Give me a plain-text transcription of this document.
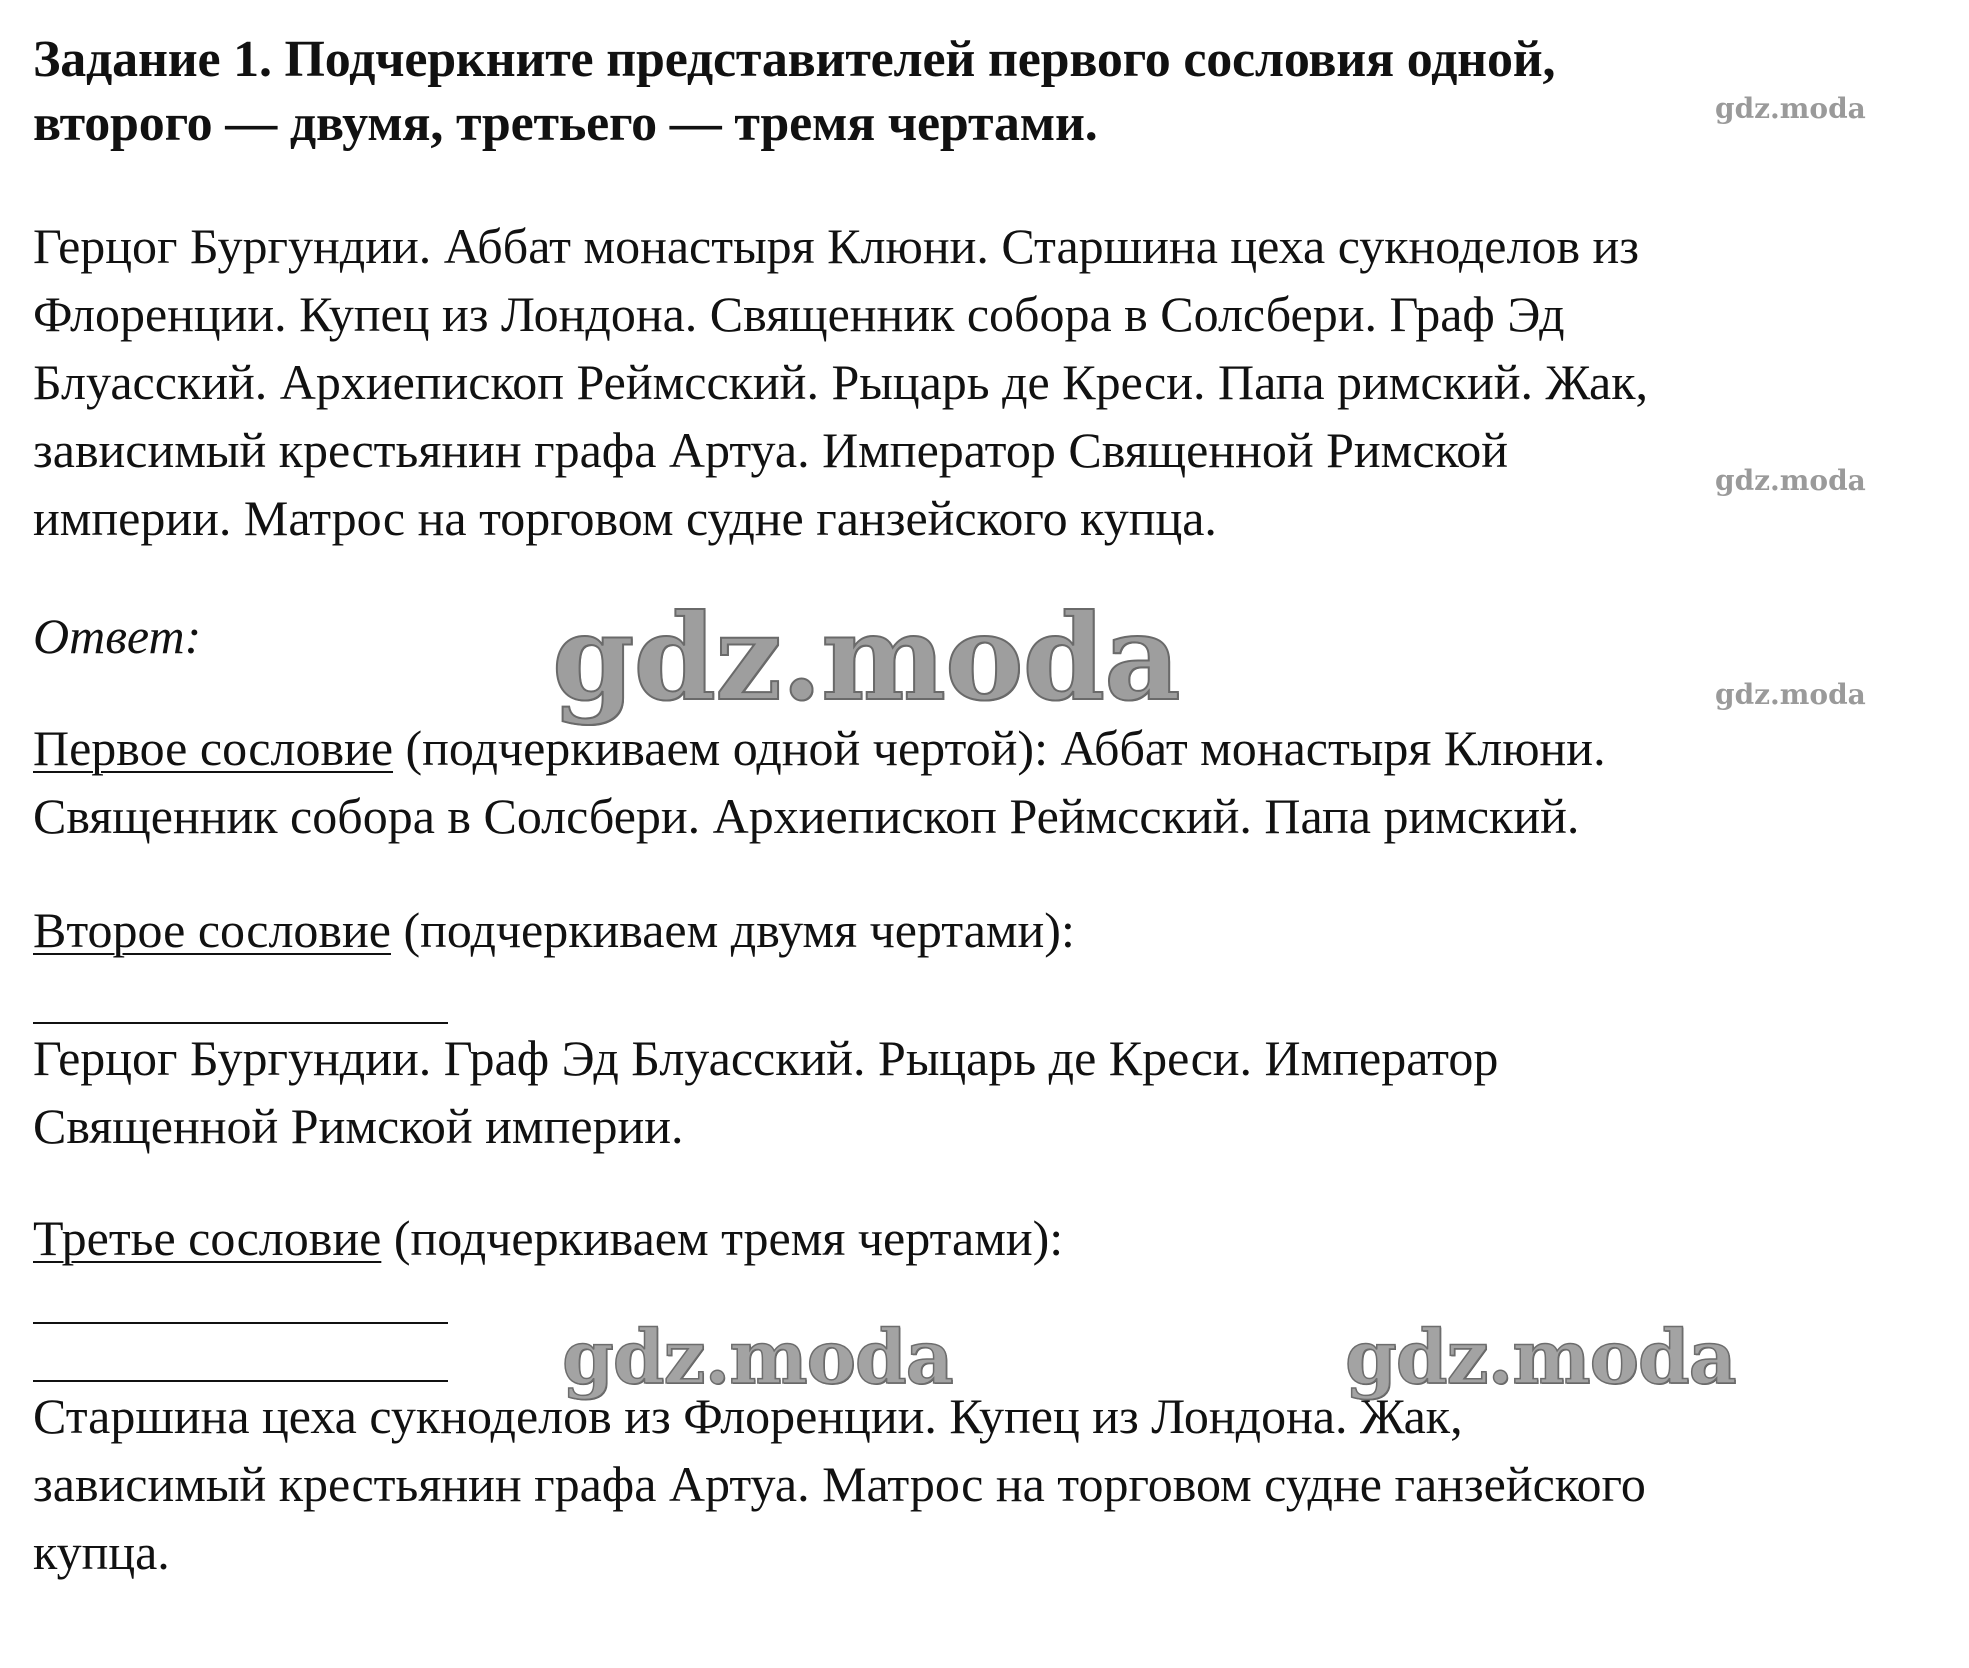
Задание 1. Подчеркните представителей первого сословия одной,
второго — двумя, третьего — тремя чертами.

Герцог Бургундии. Аббат монастыря Клюни. Старшина цеха сукноделов из
Флоренции. Купец из Лондона. Священник собора в Солсбери. Граф Эд
Блуасский. Архиепископ Реймсский. Рыцарь де Креси. Папа римский. Жак,
зависимый крестьянин графа Артуа. Император Священной Римской
империи. Матрос на торговом судне ганзейского купца.

Ответ:

Первое сословие (подчеркиваем одной чертой): Аббат монастыря Клюни.

Священник собора в Солсбери. Архиепископ Реймсский. Папа римский.

Второе сословие (подчеркиваем двумя чертами):

Герцог Бургундии. Граф Эд Блуасский. Рыцарь де Креси. Император

Священной Римской империи.

Третье сословие (подчеркиваем тремя чертами):

Старшина цеха сукноделов из Флоренции. Купец из Лондона. Жак,

зависимый крестьянин графа Артуа. Матрос на торговом судне ганзейского

купца.

gdz.moda
gdz.moda
gdz.moda
gdz.moda
gdz.moda	gdz.moda
